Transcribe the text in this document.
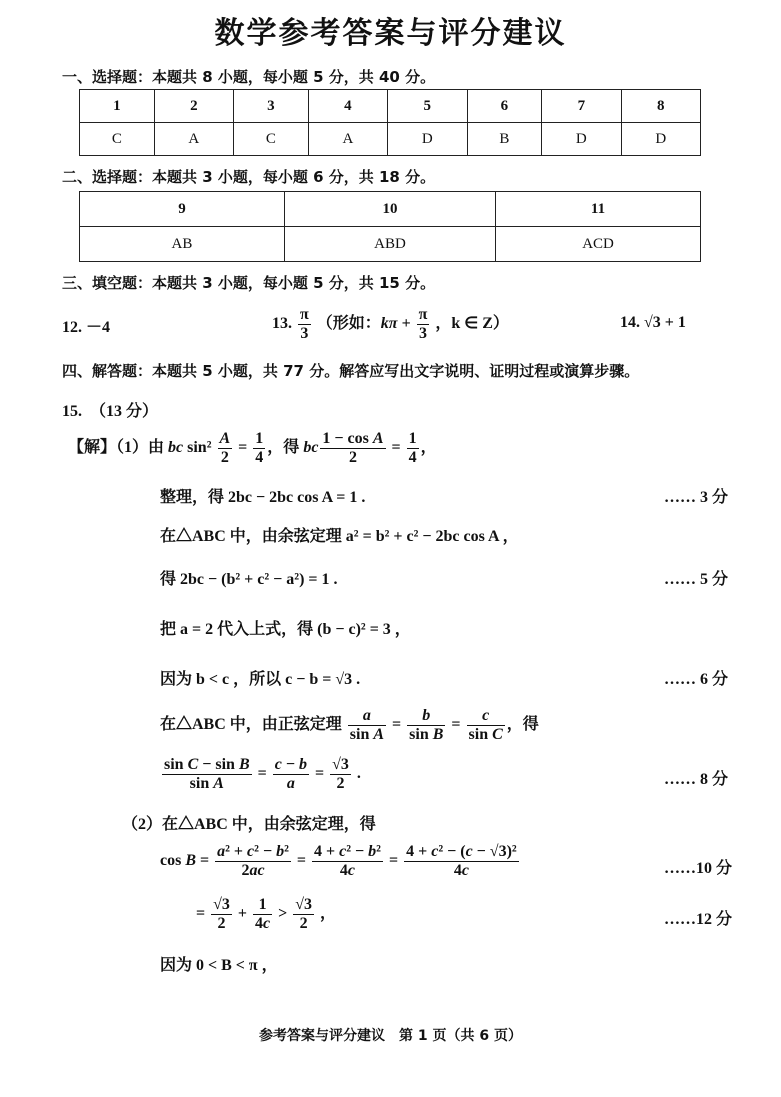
数学参考答案与评分建议
一、选择题：本题共 8 小题，每小题 5 分，共 40 分。
1	2	3	4	5	6	7	8
C	A	C	A	D	B	D	D
二、选择题：本题共 3 小题，每小题 6 分，共 18 分。
9	10	11
AB	ABD	ACD
三、填空题：本题共 3 小题，每小题 5 分，共 15 分。
12. －4	13. $\frac{\pi}{3}$ （形如：$k\pi + \frac{\pi}{3}$ ，k ∈ Z）	14. √3 + 1
四、解答题：本题共 5 小题，共 77 分。解答应写出文字说明、证明过程或演算步骤。
15.　（13 分）
【解】（1）由 bc $\sin^2 \frac{A}{2} = \frac{1}{4}$ ，得 bc $\frac{\text{1 − cos A}}{2} = \frac{1}{4}$ ，
整理，得 2bc − 2bc cos A = 1 .	…… 3 分
在△ABC 中，由余弦定理 a² = b² + c² − 2bc cos A ，
得 2bc − (b² + c² − a²) = 1 .	…… 5 分
把 a = 2 代入上式，得 (b − c)² = 3 ，
因为 b < c ，所以 c − b = √3 .	…… 6 分
在△ABC 中，由正弦定理 $\frac{a}{\text{sin A}} = \frac{b}{\text{sin B}} = \frac{c}{\text{sin C}}$ ，得
$\frac{\text{sin C − sin B}}{\text{sin A}} = \frac{c - b}{a} = \frac{√3}{2}$ .	…… 8 分
（2）在△ABC 中，由余弦定理，得
$\cos B = \frac{\text{a² + c² − b²}}{2ac} = \frac{\text{4 + c² − b²}}{4c} = \frac{\text{4 + c² − (c − √3)²}}{4c}$	……10 分
= $\frac{√3}{2} + \frac{1}{4c} > \frac{√3}{2}$ ，	……12 分
因为 0 < B < π ，
参考答案与评分建议　第 1 页（共 6 页）
